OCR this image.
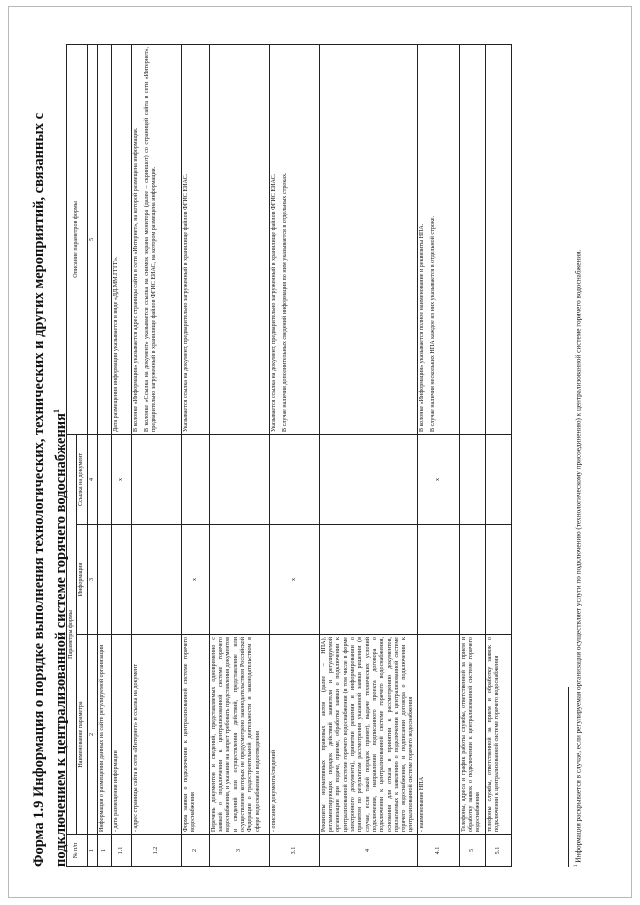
Форма 1.9 Информация о порядке выполнения технологических, технических и других мероприятий, связанных с подключением к централизованной системе горячего водоснабжения$^1$
№ п/п	Параметры формы			Описание параметров формы
	Наименование параметра	Информация	Ссылка на документ	
1	2	3	4	5
1	Информация о размещении данных на сайте регулируемой организации			
1.1	- дата размещения информации		x	Дата размещения информации указывается в виде «ДД.ММ.ГГГГ».

1.2	- адрес страницы сайта в сети «Интернет» и ссылка на документ			В колонке «Информация» указывается адрес страницы сайта в сети «Интернет», на которой размещена информация. В колонке «Ссылка на документ» указывается ссылка на снимок экрана монитора (далее – скриншот) со страницей сайта в сети «Интернет», предварительно загруженный в хранилище файлов ФГИС ЕИАС, на котором размещена информация.

2	Форма заявки о подключении к централизованной системе горячего водоснабжения	x		Указывается ссылка на документ, предварительно загруженный в хранилище файлов ФГИС ЕИАС.

3	Перечень документов и сведений, представляемых одновременно с заявкой о подключении к централизованной системе горячего водоснабжения, и указание на запрет требовать представления документов и сведений или осуществления действий, представление или осуществление которых не предусмотрено законодательством Российской Федерации о градостроительной деятельности и законодательством в сфере водоснабжения и водоотведения			
3.1	- описание документа/сведений	x		Указывается ссылка на документ, предварительно загруженный в хранилище файлов ФГИС ЕИАС. В случае наличия дополнительных сведений информация по ним указывается в отдельных строках.

4	Реквизиты нормативных правовых актов (далее – НПА), регламентирующих порядок действий заявителя и регулируемой организации при подаче, приеме, обработке заявки о подключении к централизованной системе горячего водоснабжения (в том числе в форме электронного документа), принятии решения и информировании о принятом по результатам рассмотрения указанной заявки решении (в случае, если такой порядок принят), выдаче технических условий подключения, направлении подписанного проекта договора о подключении к централизованной системе горячего водоснабжения, основания для отказа в принятии к рассмотрению документов, прилагаемых к заявлению о подключении к централизованной системе горячего водоснабжения, и подписании договора о подключении к централизованной системе горячего водоснабжения			
4.1	- наименование НПА		x	В колонке «Информация» указывается полное наименование и реквизиты НПА. В случае наличия нескольких НПА каждое из них указывается в отдельной строке.

5	Телефоны, адреса и график работы службы, ответственной за прием и обработку заявок о подключении к централизованной системе горячего водоснабжения			
5.1	телефоны службы, ответственной за прием и обработку заявок о подключении к централизованной системе горячего водоснабжения			
$^1$ Информация раскрывается в случае, если регулируемая организация осуществляет услуги по подключению (технологическому присоединению) к централизованной системе горячего водоснабжения.
